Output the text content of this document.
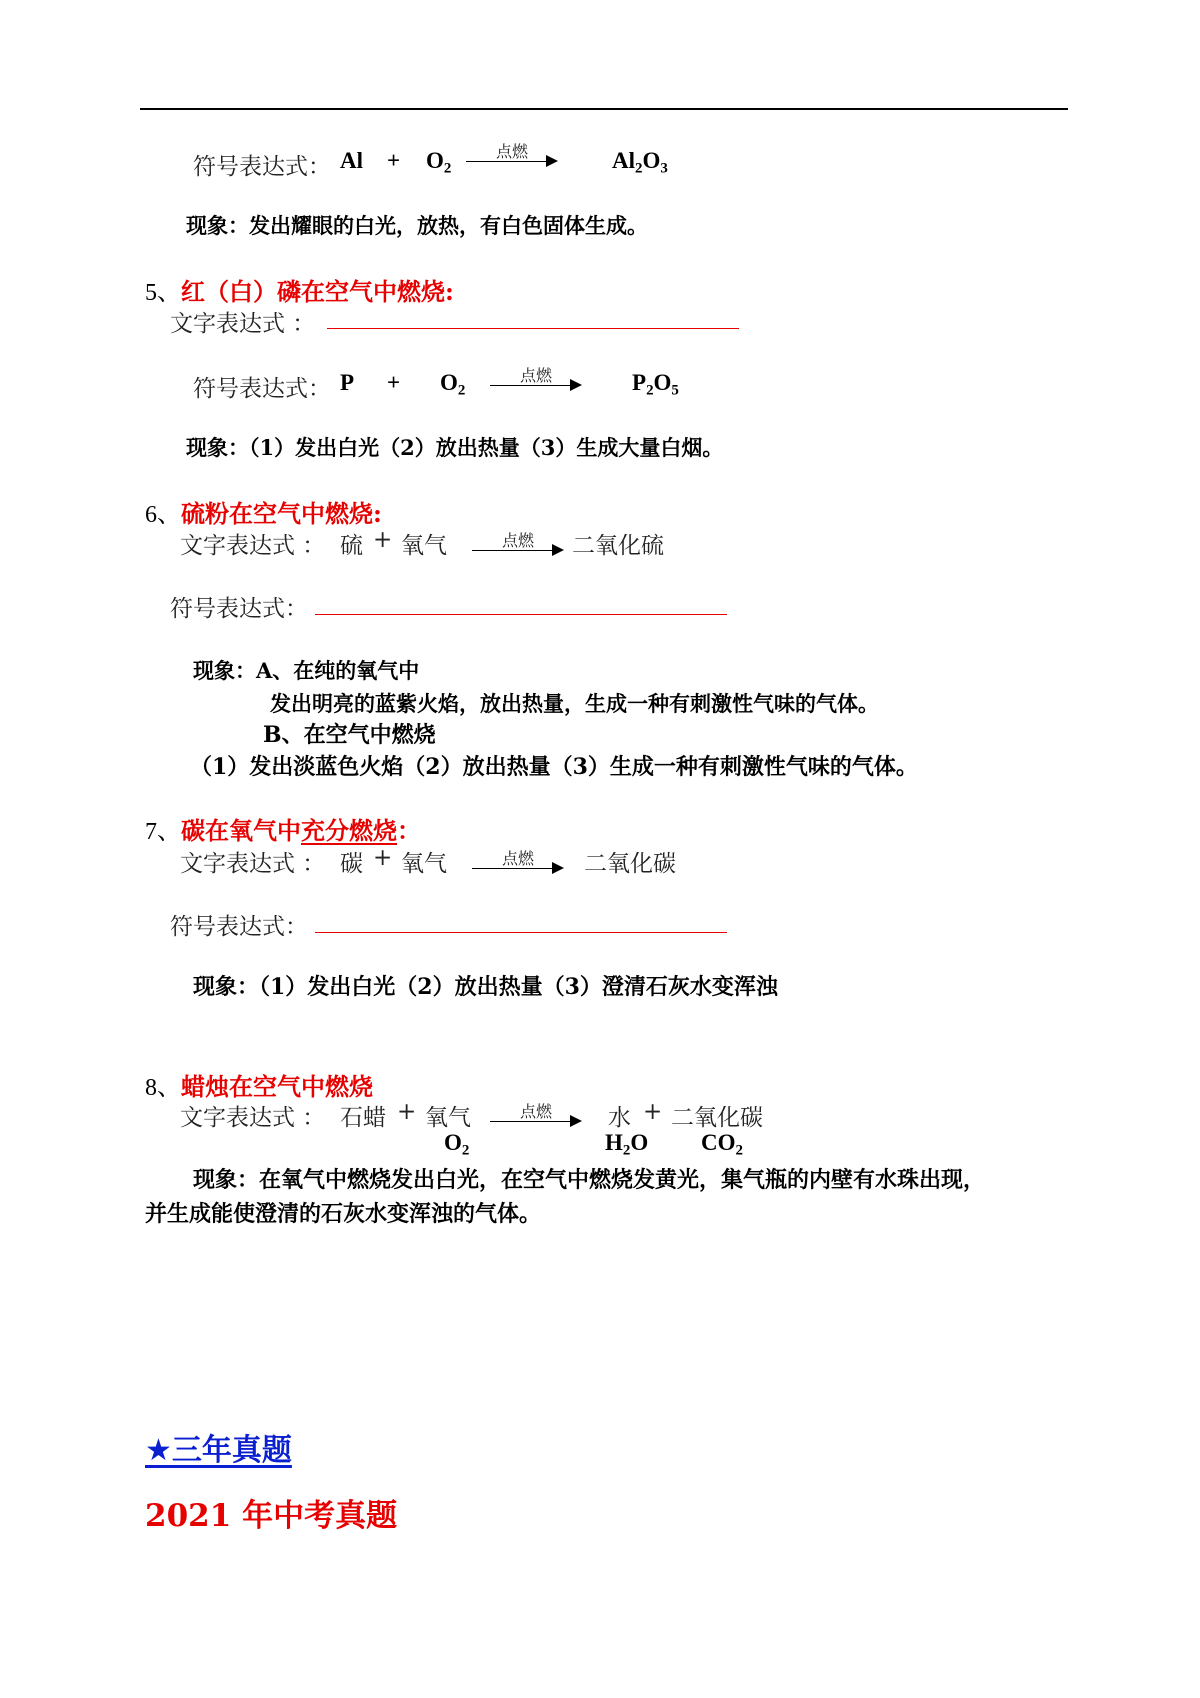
符号表达式： $Al + O_2$
点燃	$Al_2O_3$
现象：发出耀眼的白光，放热，有白色固体生成。
5、红（白）磷在空气中燃烧:
文字表达式 ：
符号表达式： $P + O_2$
点燃	$P_2O_5$
现象：（1）发出白光（2）放出热量（3）生成大量白烟。
6、硫粉在空气中燃烧:
文字表达式 ： 硫 + 氧气	点燃	二氧化硫
符号表达式：
现象：A、在纯的氧气中
发出明亮的蓝紫火焰，放出热量，生成一种有刺激性气味的气体。
B、在空气中燃烧
（1）发出淡蓝色火焰（2）放出热量（3）生成一种有刺激性气味的气体。
7、碳在氧气中充分燃烧：
文字表达式 ： 碳 + 氧气	点燃	二氧化碳
符号表达式：
现象：（1）发出白光（2）放出热量（3）澄清石灰水变浑浊
8、蜡烛在空气中燃烧
文字表达式 ： 石蜡 + 氧气	点燃	水 + 二氧化碳
$O_2$	$H_2O$ $CO_2$
现象：在氧气中燃烧发出白光，在空气中燃烧发黄光，集气瓶的内壁有水珠出现，
并生成能使澄清的石灰水变浑浊的气体。
★三年真题
2021 年中考真题
